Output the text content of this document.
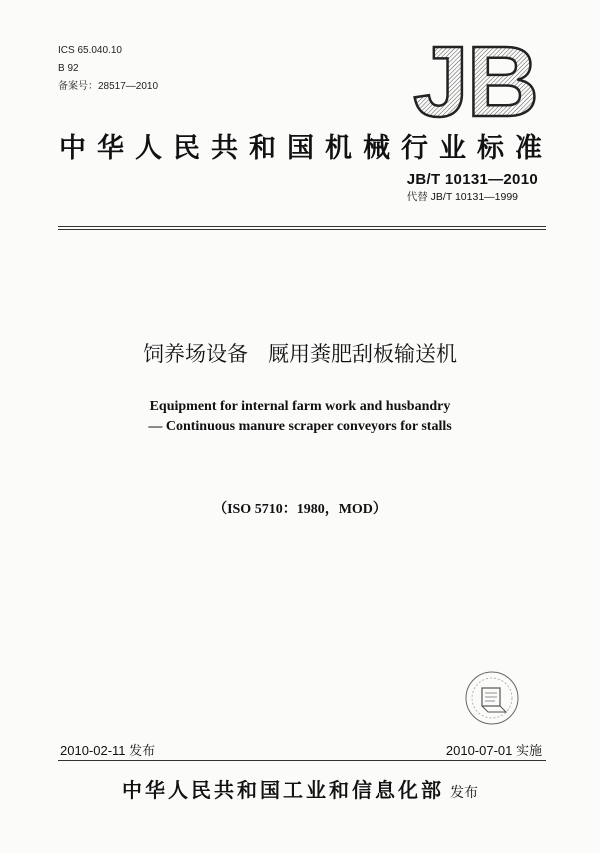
ICS 65.040.10
B 92
备案号：28517—2010	JB
中华人民共和国机械行业标准
JB/T 10131—2010
代替 JB/T 10131—1999
饲养场设备 厩用粪肥刮板输送机
Equipment for internal farm work and husbandry
— Continuous manure scraper conveyors for stalls
（ISO 5710：1980，MOD）
2010-02-11 发布	2010-07-01 实施
中华人民共和国工业和信息化部 发布
